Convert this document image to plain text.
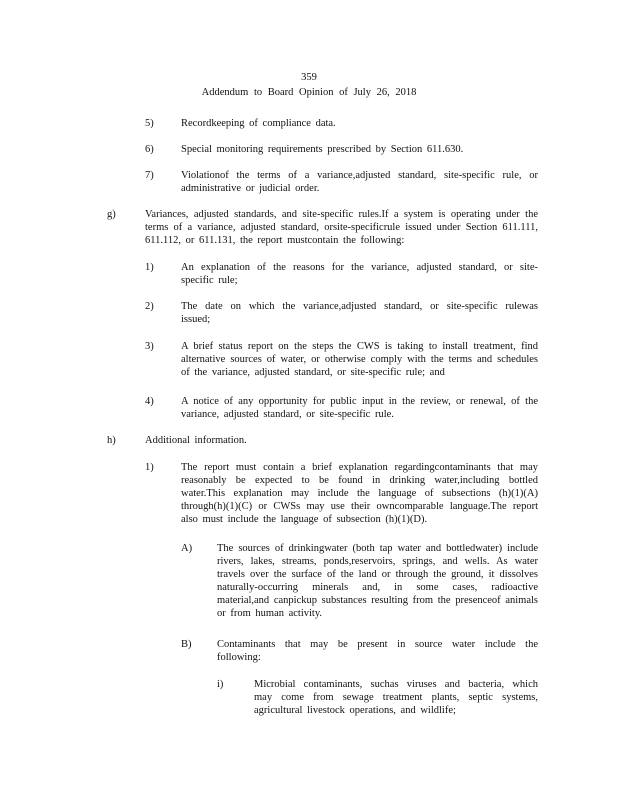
359
Addendum to Board Opinion of July 26, 2018
5)	Recordkeeping of compliance data.
6)	Special monitoring requirements prescribed by Section 611.630.
7)	Violationof the terms of a variance,adjusted standard, site-specific rule, or administrative or judicial order.
g)	Variances, adjusted standards, and site-specific rules.If a system is operating under the terms of a variance, adjusted standard, orsite-specificrule issued under Section 611.111, 611.112, or 611.131, the report mustcontain the following:
1)	An explanation of the reasons for the variance, adjusted standard, or site-specific rule;
2)	The date on which the variance,adjusted standard, or site-specific rulewas issued;
3)	A brief status report on the steps the CWS is taking to install treatment, find alternative sources of water, or otherwise comply with the terms and schedules of the variance, adjusted standard, or site-specific rule; and
4)	A notice of any opportunity for public input in the review, or renewal, of the variance, adjusted standard, or site-specific rule.
h)	Additional information.
1)	The report must contain a brief explanation regardingcontaminants that may reasonably be expected to be found in drinking water,including bottled water.This explanation may include the language of subsections (h)(1)(A) through(h)(1)(C) or CWSs may use their owncomparable language.The report also must include the language of subsection (h)(1)(D).
A) The sources of drinkingwater (both tap water and bottledwater) include rivers, lakes, streams, ponds,reservoirs, springs, and wells. As water travels over the surface of the land or through the ground, it dissolves naturally-occurring minerals and, in some cases, radioactive material,and canpickup substances resulting from the presenceof animals or from human activity.
B) Contaminants that may be present in source water include the following:
i)	Microbial contaminants, suchas viruses and bacteria, which may come from sewage treatment plants, septic systems, agricultural livestock operations, and wildlife;
